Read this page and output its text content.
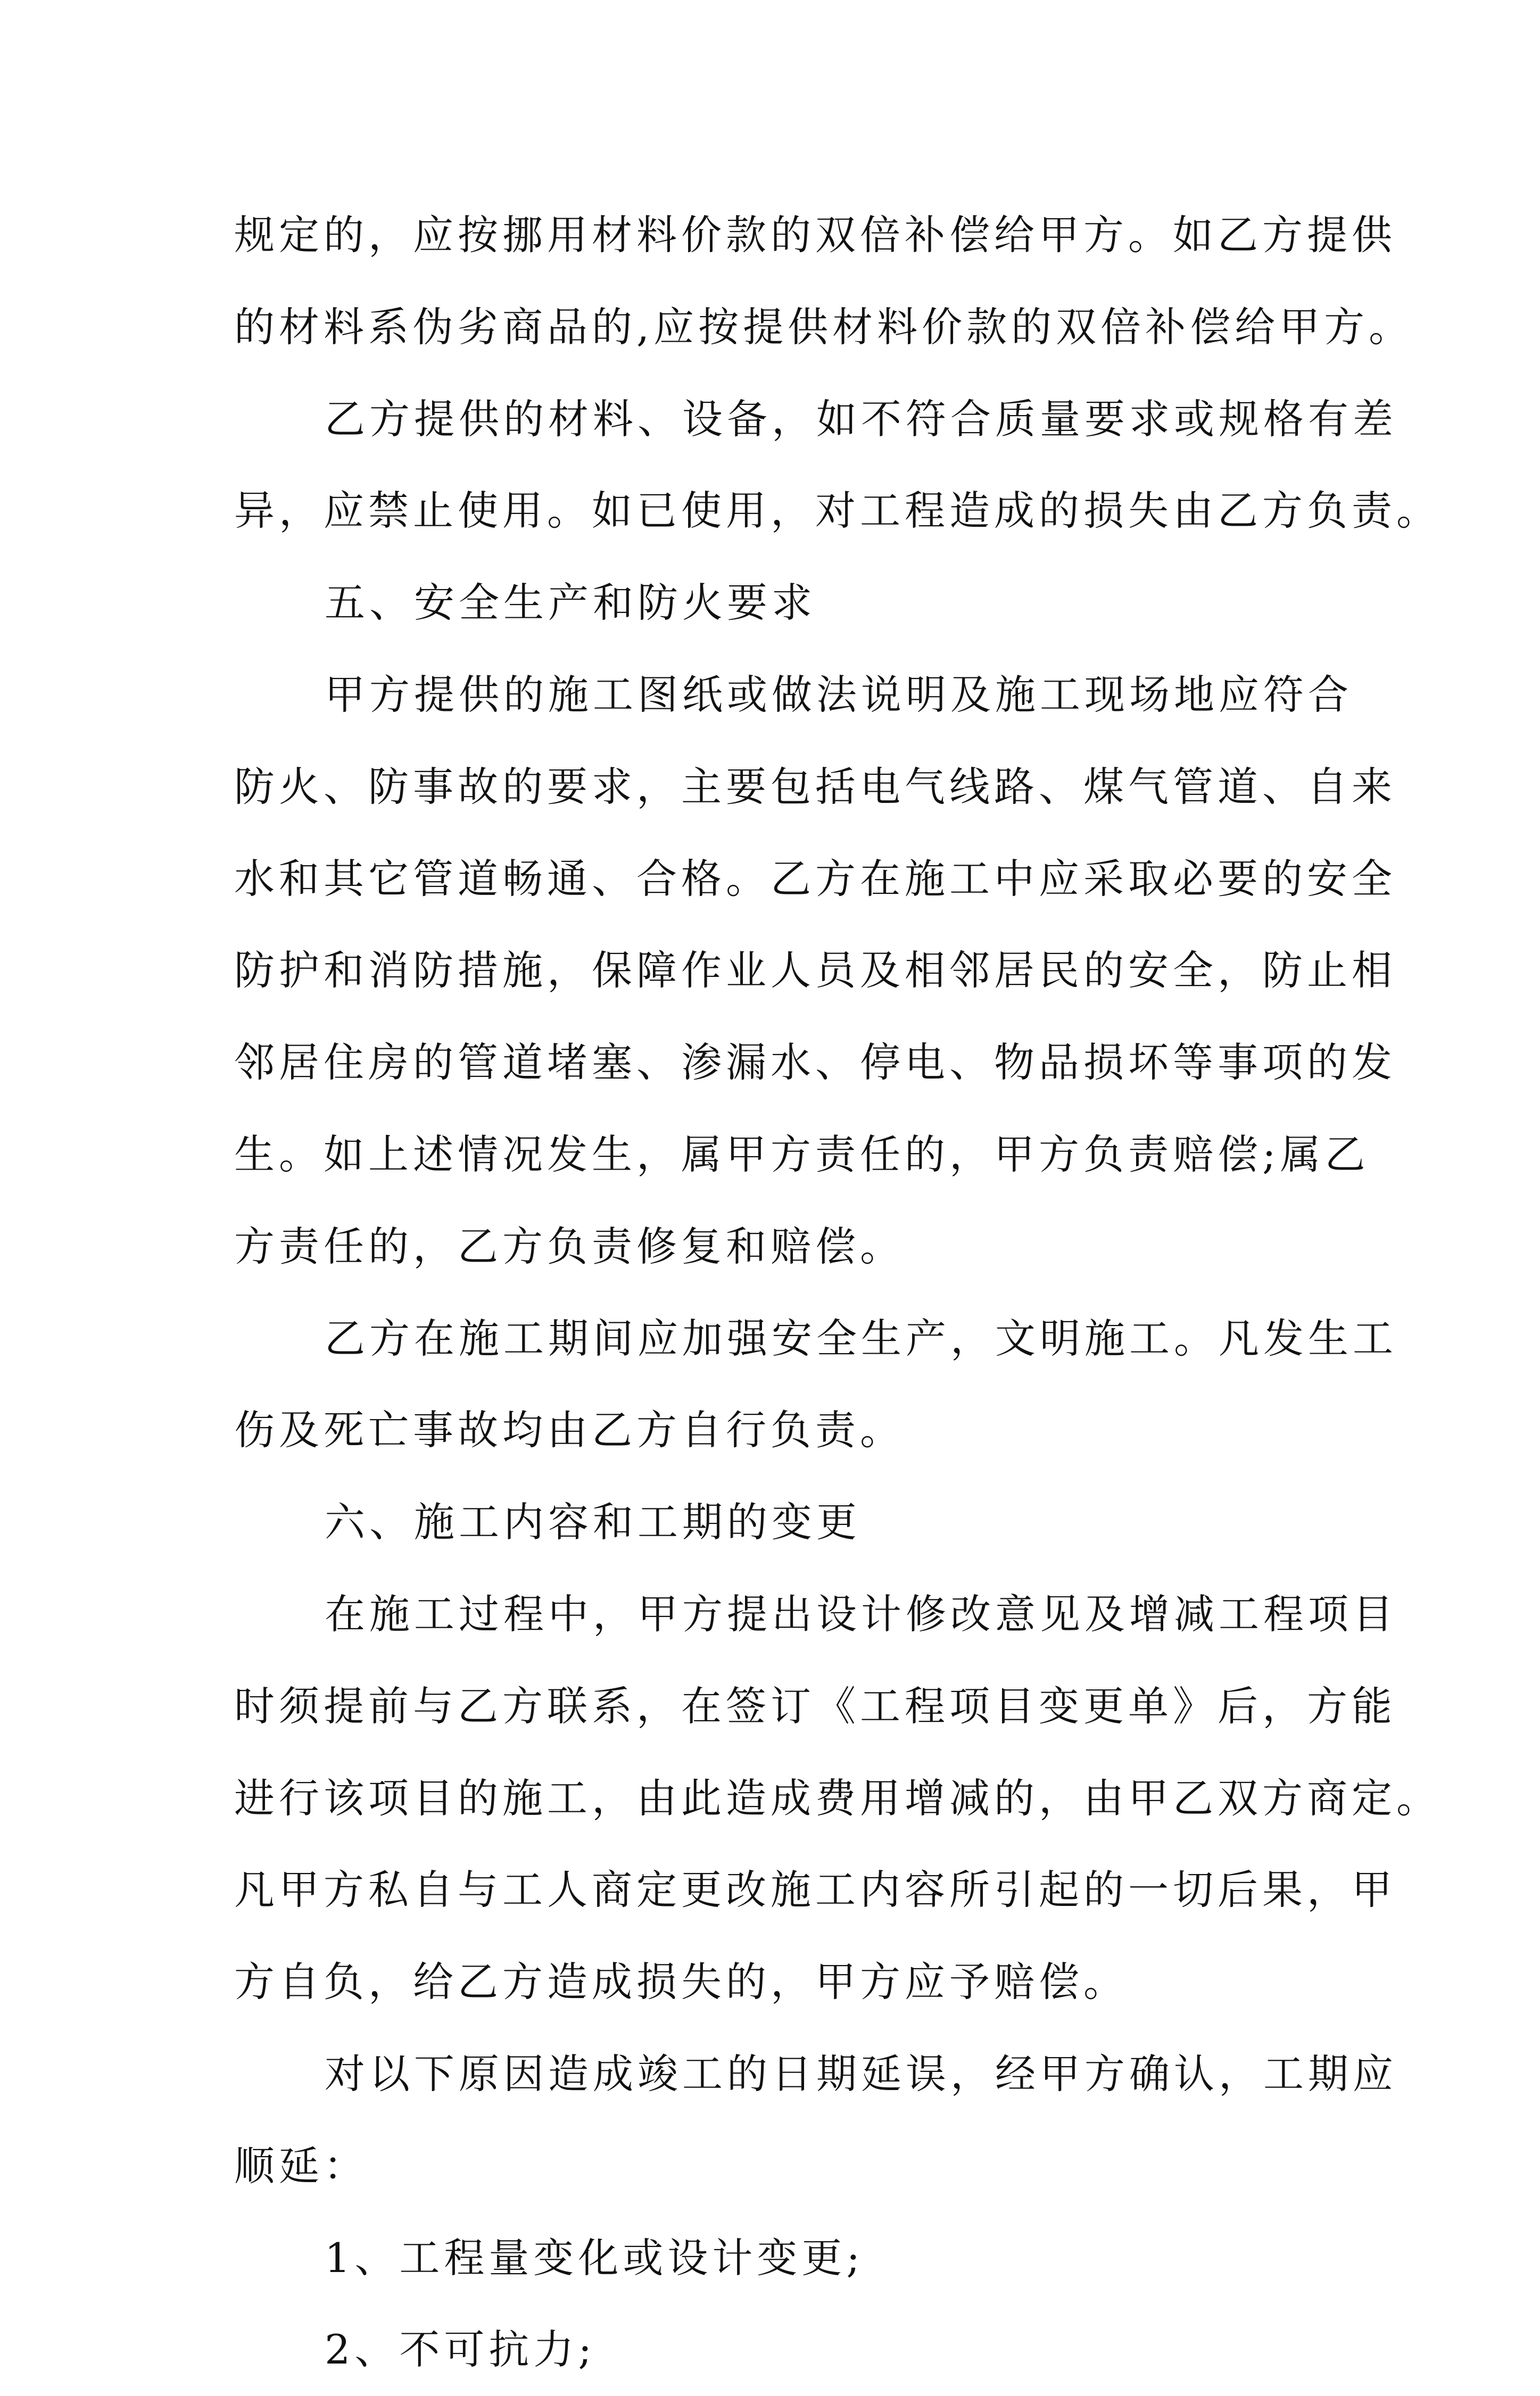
规定的，应按挪用材料价款的双倍补偿给甲方。如乙方提供
的材料系伪劣商品的,应按提供材料价款的双倍补偿给甲方。
乙方提供的材料、设备，如不符合质量要求或规格有差
异，应禁止使用。如已使用，对工程造成的损失由乙方负责。
五、安全生产和防火要求
甲方提供的施工图纸或做法说明及施工现场地应符合
防火、防事故的要求，主要包括电气线路、煤气管道、自来
水和其它管道畅通、合格。乙方在施工中应采取必要的安全
防护和消防措施，保障作业人员及相邻居民的安全，防止相
邻居住房的管道堵塞、渗漏水、停电、物品损坏等事项的发
生。如上述情况发生，属甲方责任的，甲方负责赔偿;属乙
方责任的，乙方负责修复和赔偿。
乙方在施工期间应加强安全生产，文明施工。凡发生工
伤及死亡事故均由乙方自行负责。
六、施工内容和工期的变更
在施工过程中，甲方提出设计修改意见及增减工程项目
时须提前与乙方联系，在签订《工程项目变更单》后，方能
进行该项目的施工，由此造成费用增减的，由甲乙双方商定。
凡甲方私自与工人商定更改施工内容所引起的一切后果，甲
方自负，给乙方造成损失的，甲方应予赔偿。
对以下原因造成竣工的日期延误，经甲方确认，工期应
顺延：
1、工程量变化或设计变更;
2、不可抗力;
